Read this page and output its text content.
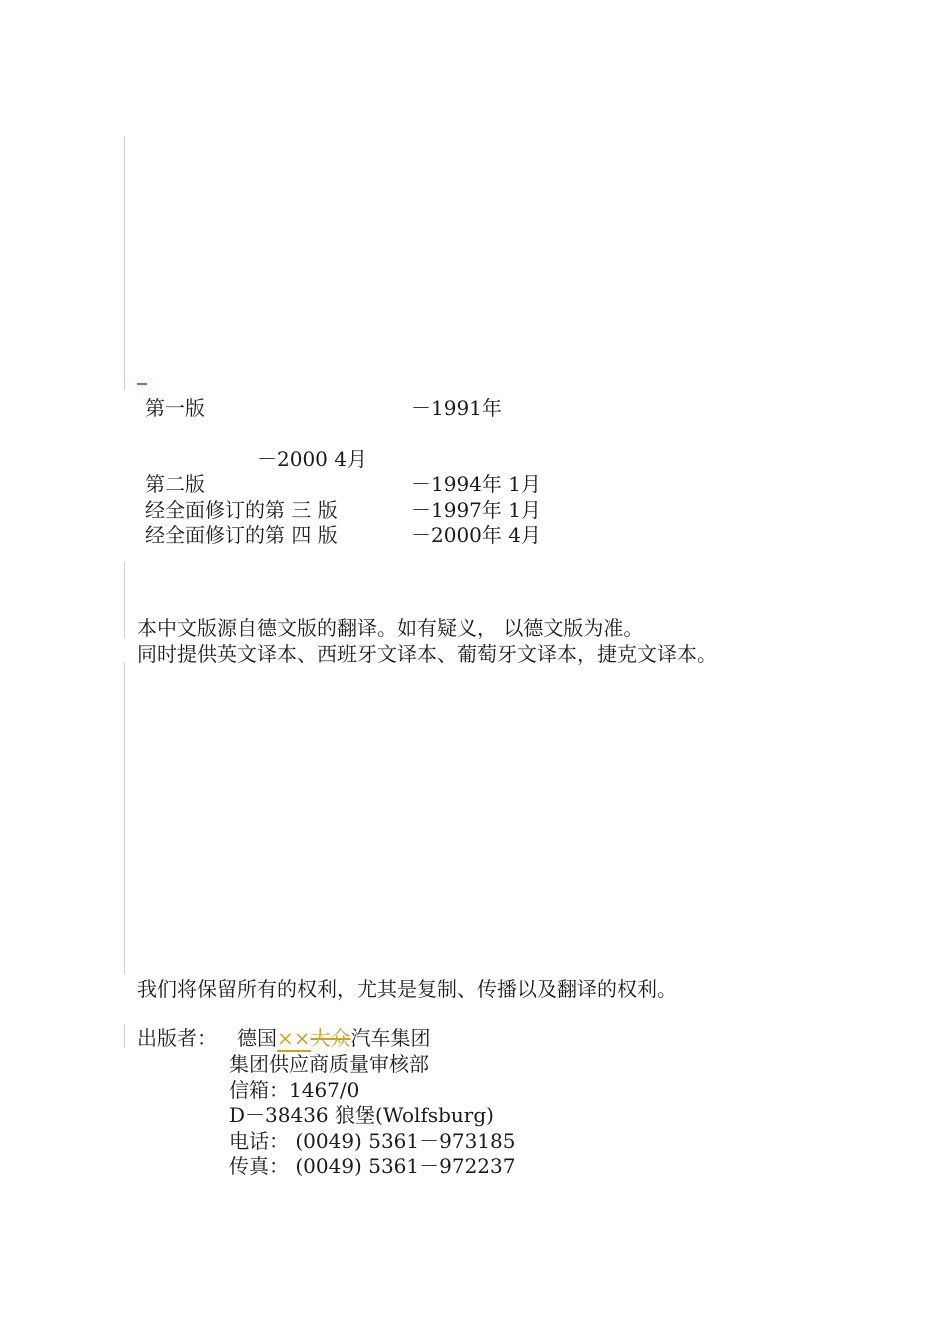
第一版	－1991年
－2000 4月
第二版	－1994年 1月
经全面修订的第 三 版	－1997年 1月
经全面修订的第 四 版	－2000年 4月
本中文版源自德文版的翻译。如有疑义， 以德文版为准。
同时提供英文译本、西班牙文译本、葡萄牙文译本，捷克文译本。
我们将保留所有的权利，尤其是复制、传播以及翻译的权利。
出版者： 德国××大众汽车集团
集团供应商质量审核部
信箱：1467/0
D－38436 狼堡(Wolfsburg)
电话： (0049) 5361－973185
传真： (0049) 5361－972237
